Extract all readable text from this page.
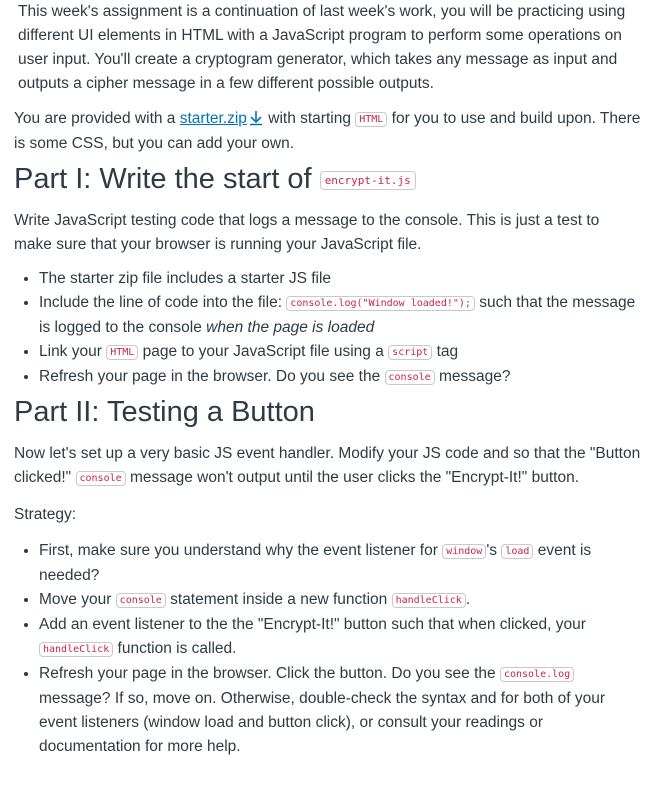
This week's assignment is a continuation of last week's work, you will be practicing using different UI elements in HTML with a JavaScript program to perform some operations on user input. You'll create a cryptogram generator, which takes any message as input and outputs a cipher message in a few different possible outputs.

You are provided with a starter.zip with starting HTML for you to use and build upon. There is some CSS, but you can add your own.

Part I: Write the start of encrypt-it.js

Write JavaScript testing code that logs a message to the console. This is just a test to make sure that your browser is running your JavaScript file.

• The starter zip file includes a starter JS file
• Include the line of code into the file: console.log("Window loaded!"); such that the message is logged to the console when the page is loaded
• Link your HTML page to your JavaScript file using a script tag
• Refresh your page in the browser. Do you see the console message?
Part II: Testing a Button

Now let's set up a very basic JS event handler. Modify your JS code and so that the "Button clicked!" console message won't output until the user clicks the "Encrypt-It!" button.

Strategy:

• First, make sure you understand why the event listener for window 's load event is needed?
• Move your console statement inside a new function handleClick .
• Add an event listener to the the "Encrypt-It!" button such that when clicked, your handleClick function is called.
• Refresh your page in the browser. Click the button. Do you see the console.log message? If so, move on. Otherwise, double-check the syntax and for both of your event listeners (window load and button click), or consult your readings or documentation for more help.
